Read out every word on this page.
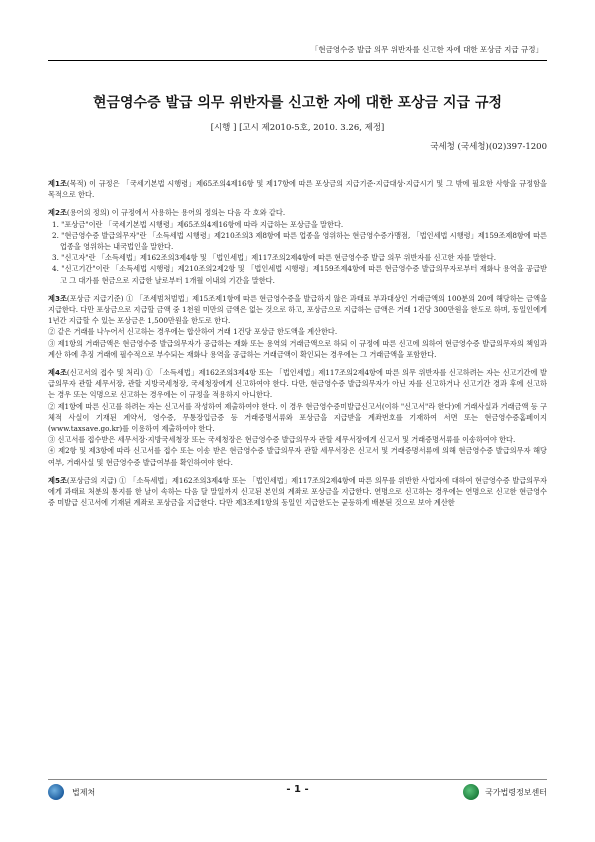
「현금영수증 발급 의무 위반자를 신고한 자에 대한 포상금 지급 규정」
현금영수증 발급 의무 위반자를 신고한 자에 대한 포상금 지급 규정
[시행 ] [고시 제2010-5호, 2010. 3.26, 제정]
국세청 (국세청)(02)397-1200

제1조(목적) 이 규정은 「국세기본법 시행령」제65조의4제16항 및 제17항에 따른 포상금의 지급기준·지급대상·지급시기 및 그 밖에 필요한 사항을 규정함을 목적으로 한다.

제2조(용어의 정의) 이 규정에서 사용하는 용어의 정의는 다음 각 호와 같다.

1. "포상금"이란 「국세기본법 시행령」제65조의4제16항에 따라 지급하는 포상금을 말한다.

2. "현금영수증 발급의무자"란 「소득세법 시행령」제210조의3 제8항에 따른 업종을 영위하는 현금영수증가맹점, 「법인세법 시행령」제159조제8항에 따른 업종을 영위하는 내국법인을 말한다.

3. "신고자"란 「소득세법」제162조의3제4항 및 「법인세법」제117조의2제4항에 따른 현금영수증 발급 의무 위반자를 신고한 자를 말한다.

4. "신고기간"이란 「소득세법 시행령」제210조의2제2항 및 「법인세법 시행령」제159조제4항에 따른 현금영수증 발급의무자로부터 재화나 용역을 공급받고 그 대가를 현금으로 지급한 날로부터 1개월 이내의 기간을 말한다.

제3조(포상금 지급기준) ① 「조세범처벌법」제15조제1항에 따른 현금영수증을 발급하지 않은 과태료 부과대상인 거래금액의 100분의 20에 해당하는 금액을 지급한다. 다만 포상금으로 지급할 금액 중 1천원 미만의 금액은 없는 것으로 하고, 포상금으로 지급하는 금액은 거래 1건당 300만원을 한도로 하며, 동일인에게 1년간 지급할 수 있는 포상금은 1,500만원을 한도로 한다.

② 같은 거래를 나누어서 신고하는 경우에는 합산하여 거래 1건당 포상금 한도액을 계산한다.

③ 제1항의 거래금액은 현금영수증 발급의무자가 공급하는 재화 또는 용역의 거래금액으로 하되 이 규정에 따른 신고에 의하여 현금영수증 발급의무자의 책임과 계산 하에 추징 거래에 필수적으로 부수되는 재화나 용역을 공급하는 거래금액이 확인되는 경우에는 그 거래금액을 포함한다.

제4조(신고서의 접수 및 처리) ① 「소득세법」제162조의3제4항 또는 「법인세법」제117조의2제4항에 따른 의무 위반자를 신고하려는 자는 신고기간에 발급의무자 관할 세무서장, 관할 지방국세청장, 국세청장에게 신고하여야 한다. 다만, 현금영수증 발급의무자가 아닌 자를 신고하거나 신고기간 경과 후에 신고하는 경우 또는 익명으로 신고하는 경우에는 이 규정을 적용하지 아니한다.

② 제1항에 따른 신고를 하려는 자는 신고서를 작성하여 제출하여야 한다. 이 경우 현금영수증미발급신고서(이하 "신고서"라 한다)에 거래사실과 거래금액 등 구체적 사실이 기재된 계약서, 영수증, 무통장입금증 등 거래증명서류와 포상금을 지급받을 계좌번호를 기재하여 서면 또는 현금영수증홈페이지(www.taxsave.go.kr)를 이용하여 제출하여야 한다.

③ 신고서를 접수받은 세무서장·지방국세청장 또는 국세청장은 현금영수증 발급의무자 관할 세무서장에게 신고서 및 거래증명서류를 이송하여야 한다.

④ 제2항 및 제3항에 따라 신고서를 접수 또는 이송 받은 현금영수증 발급의무자 관할 세무서장은 신고서 및 거래증명서류에 의해 현금영수증 발급의무자 해당 여부, 거래사실 및 현금영수증 발급여부를 확인하여야 한다.

제5조(포상금의 지급) ① 「소득세법」제162조의3제4항 또는 「법인세법」제117조의2제4항에 따른 의무를 위반한 사업자에 대하여 현금영수증 발급의무자에게 과태료 처분의 통지를 한 날이 속하는 다음 달 말일까지 신고된 본인의 계좌로 포상금을 지급한다. 연명으로 신고하는 경우에는 연명으로 신고한 현금영수증 미발급 신고서에 기재된 계좌로 포상금을 지급한다. 다만 제3조제1항의 동일인 지급한도는 균등하게 배분된 것으로 보아 계산한

법제처	- 1 -	국가법령정보센터
